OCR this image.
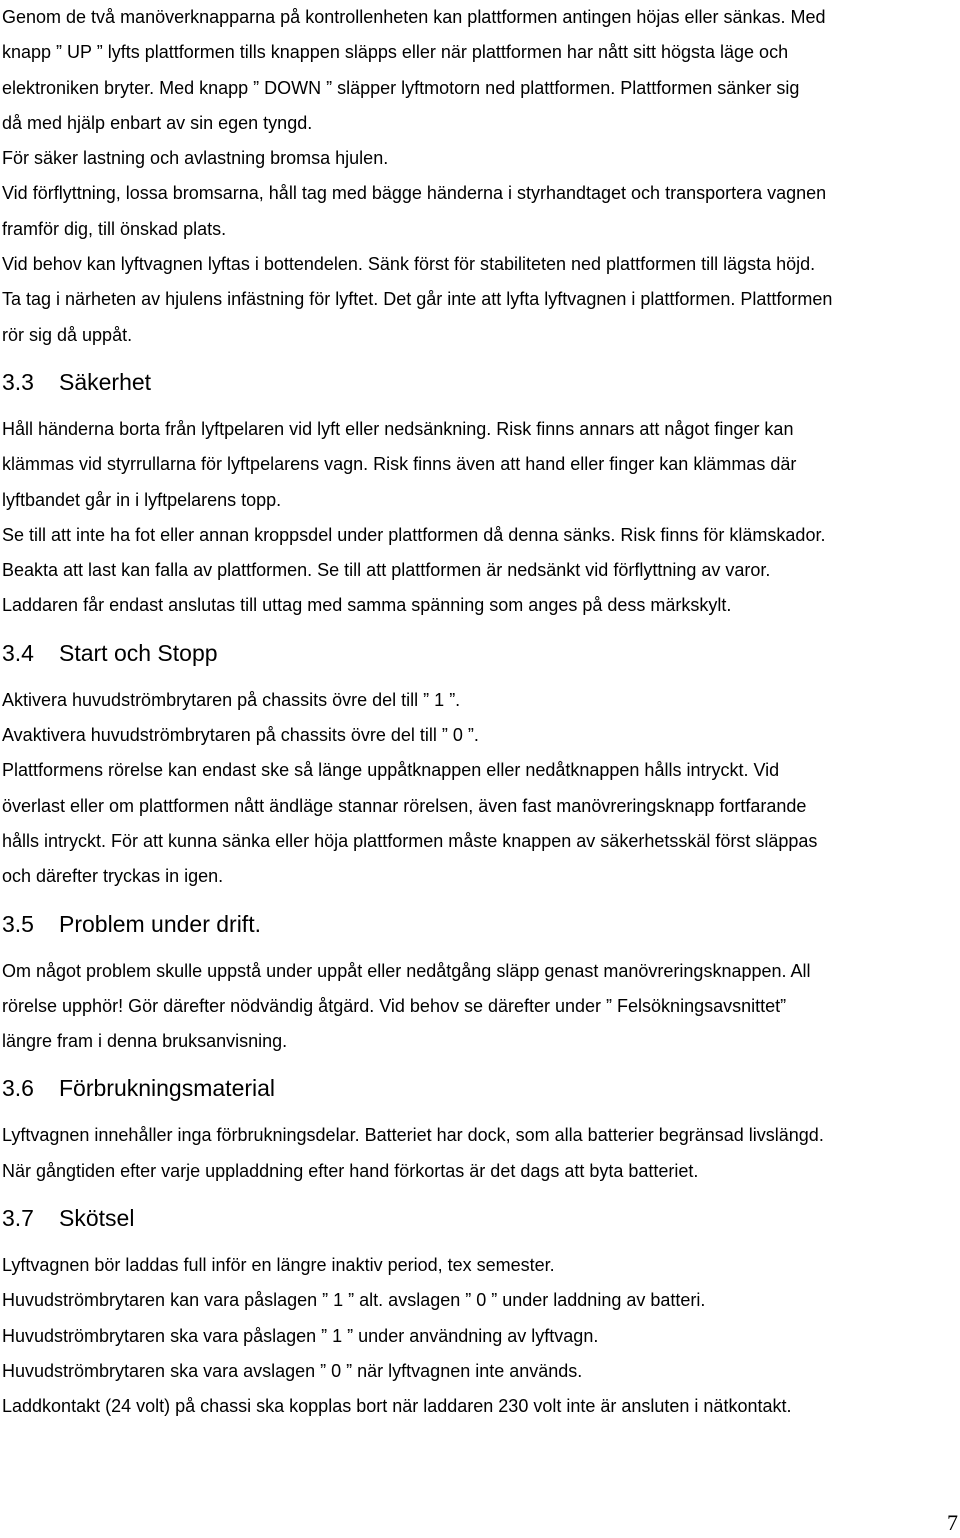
Genom de två manöverknapparna på kontrollenheten kan plattformen antingen höjas eller sänkas. Med
knapp ” UP ” lyfts plattformen tills knappen släpps eller när plattformen har nått sitt högsta läge och
elektroniken bryter. Med knapp ” DOWN ” släpper lyftmotorn ned plattformen. Plattformen sänker sig
då med hjälp enbart av sin egen tyngd.
För säker lastning och avlastning bromsa hjulen.
Vid förflyttning, lossa bromsarna, håll tag med bägge händerna i styrhandtaget och transportera vagnen
framför dig, till önskad plats.
Vid behov kan lyftvagnen lyftas i bottendelen. Sänk först för stabiliteten ned plattformen till lägsta höjd.
Ta tag i närheten av hjulens infästning för lyftet. Det går inte att lyfta lyftvagnen i plattformen. Plattformen
rör sig då uppåt.
3.3 Säkerhet
Håll händerna borta från lyftpelaren vid lyft eller nedsänkning. Risk finns annars att något finger kan
klämmas vid styrrullarna för lyftpelarens vagn. Risk finns även att hand eller finger kan klämmas där
lyftbandet går in i lyftpelarens topp.
Se till att inte ha fot eller annan kroppsdel under plattformen då denna sänks. Risk finns för klämskador.
Beakta att last kan falla av plattformen. Se till att plattformen är nedsänkt vid förflyttning av varor.
Laddaren får endast anslutas till uttag med samma spänning som anges på dess märkskylt.
3.4 Start och Stopp
Aktivera huvudströmbrytaren på chassits övre del till ” 1 ”.
Avaktivera huvudströmbrytaren på chassits övre del till ” 0 ”.
Plattformens rörelse kan endast ske så länge uppåtknappen eller nedåtknappen hålls intryckt. Vid
överlast eller om plattformen nått ändläge stannar rörelsen, även fast manövreringsknapp fortfarande
hålls intryckt. För att kunna sänka eller höja plattformen måste knappen av säkerhetsskäl först släppas
och därefter tryckas in igen.
3.5 Problem under drift.
Om något problem skulle uppstå under uppåt eller nedåtgång släpp genast manövreringsknappen. All
rörelse upphör! Gör därefter nödvändig åtgärd. Vid behov se därefter under ” Felsökningsavsnittet”
längre fram i denna bruksanvisning.
3.6 Förbrukningsmaterial
Lyftvagnen innehåller inga förbrukningsdelar. Batteriet har dock, som alla batterier begränsad livslängd.
När gångtiden efter varje uppladdning efter hand förkortas är det dags att byta batteriet.
3.7 Skötsel
Lyftvagnen bör laddas full inför en längre inaktiv period, tex semester.
Huvudströmbrytaren kan vara påslagen ” 1 ” alt. avslagen ” 0 ” under laddning av batteri.
Huvudströmbrytaren ska vara påslagen ” 1 ” under användning av lyftvagn.
Huvudströmbrytaren ska vara avslagen ” 0 ” när lyftvagnen inte används.
Laddkontakt (24 volt) på chassi ska kopplas bort när laddaren 230 volt inte är ansluten i nätkontakt.
7
